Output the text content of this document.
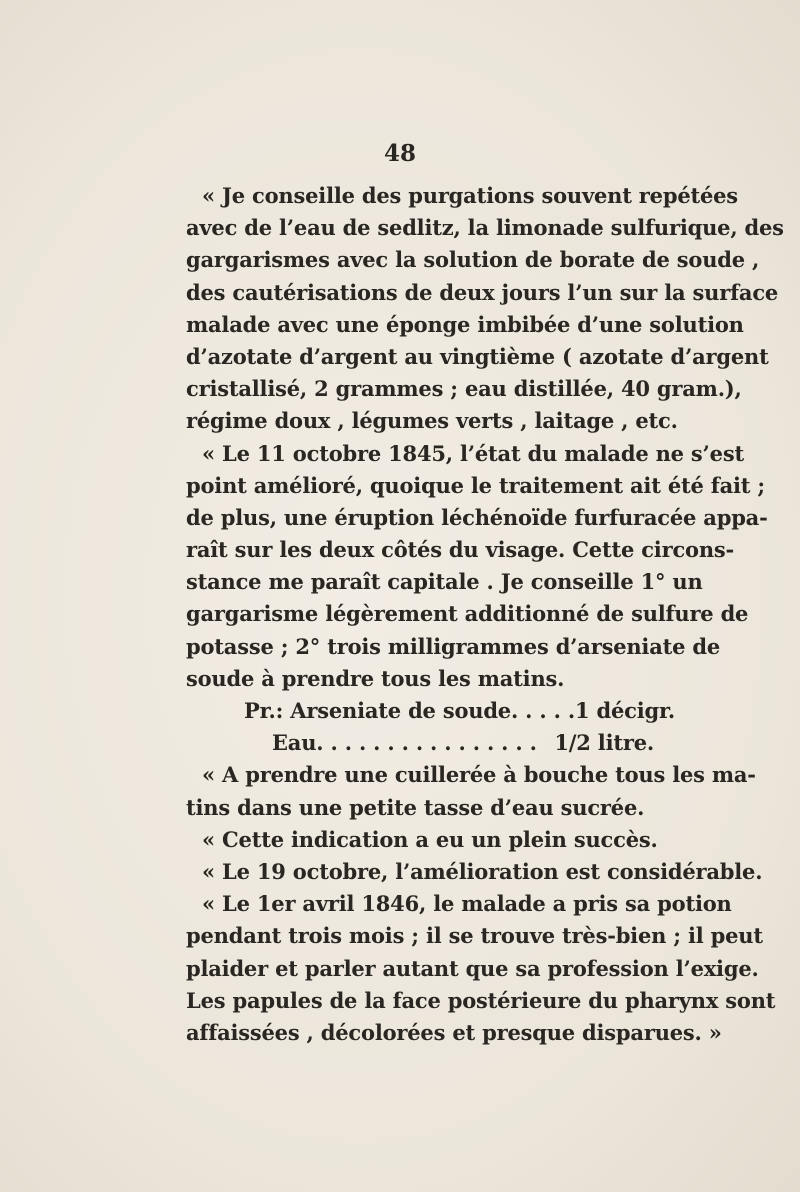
48
« Je conseille des purgations souvent repétées
avec de l’eau de sedlitz, la limonade sulfurique, des
gargarismes avec la solution de borate de soude ,
des cautérisations de deux jours l’un sur la surface
malade avec une éponge imbibée d’une solution
d’azotate d’argent au vingtième ( azotate d’argent
cristallisé, 2 grammes ; eau distillée, 40 gram.),
régime doux , légumes verts , laitage , etc.
« Le 11 octobre 1845, l’état du malade ne s’est
point amélioré, quoique le traitement ait été fait ;
de plus, une éruption léchénoïde furfuracée appa-
raît sur les deux côtés du visage. Cette circons-
stance me paraît capitale . Je conseille 1° un
gargarisme légèrement additionné de sulfure de
potasse ; 2° trois milligrammes d’arseniate de
soude à prendre tous les matins.
Pr.: Arseniate de soude. . . . . 1 décigr.
Eau. . . . . . . . . . . . . . . . 1/2 litre.
« A prendre une cuillerée à bouche tous les ma-
tins dans une petite tasse d’eau sucrée.
« Cette indication a eu un plein succès.
« Le 19 octobre, l’amélioration est considérable.
« Le 1er avril 1846, le malade a pris sa potion
pendant trois mois ; il se trouve très-bien ; il peut
plaider et parler autant que sa profession l’exige.
Les papules de la face postérieure du pharynx sont
affaissées , décolorées et presque disparues. »
